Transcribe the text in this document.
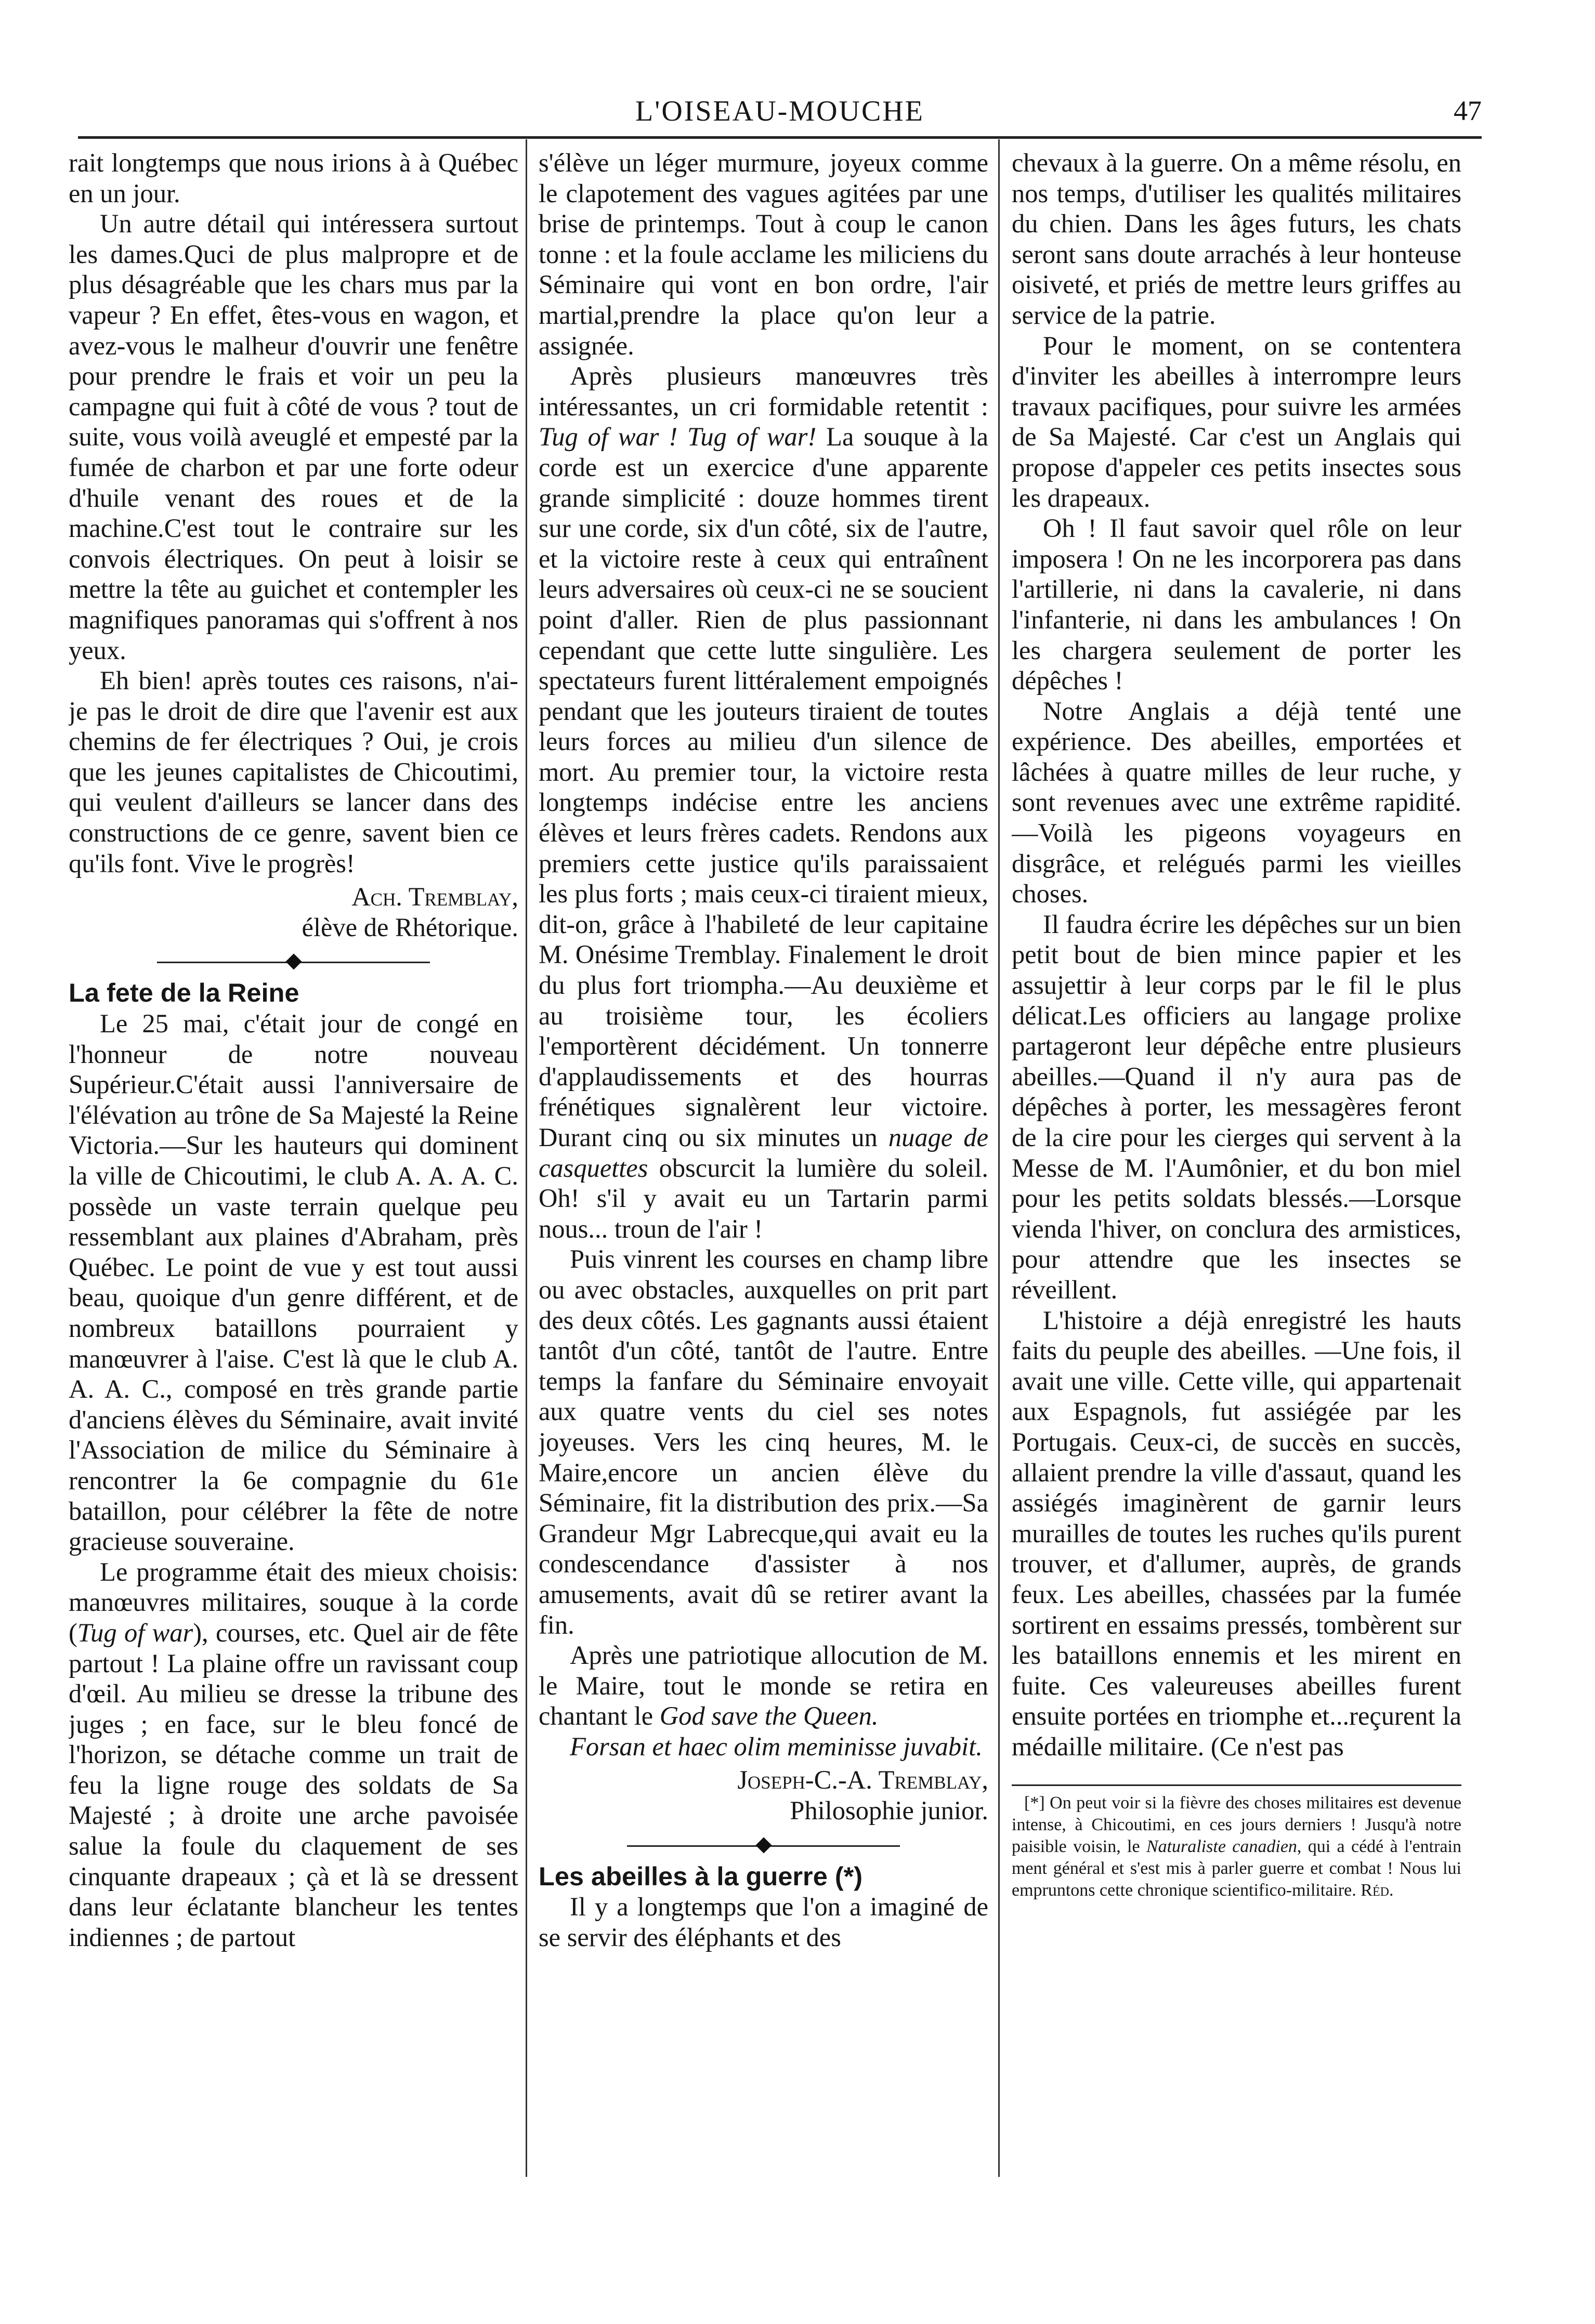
L'OISEAU-MOUCHE	47

rait longtemps que nous irions à à Québec en un jour.

Un autre détail qui intéressera surtout les dames.Quci de plus malpropre et de plus désagréable que les chars mus par la vapeur ? En effet, êtes-vous en wagon, et avez-vous le malheur d'ouvrir une fenêtre pour prendre le frais et voir un peu la campagne qui fuit à côté de vous ? tout de suite, vous voilà aveuglé et empesté par la fumée de charbon et par une forte odeur d'huile venant des roues et de la machine.C'est tout le contraire sur les convois électriques. On peut à loisir se mettre la tête au guichet et contempler les magnifiques panoramas qui s'offrent à nos yeux.

Eh bien! après toutes ces raisons, n'ai-je pas le droit de dire que l'avenir est aux chemins de fer électriques ? Oui, je crois que les jeunes capitalistes de Chicoutimi, qui veulent d'ailleurs se lancer dans des constructions de ce genre, savent bien ce qu'ils font. Vive le progrès!

Ach. Tremblay,

élève de Rhétorique.

La fete de la Reine

Le 25 mai, c'était jour de congé en l'honneur de notre nouveau Supérieur.C'était aussi l'anniversaire de l'élévation au trône de Sa Majesté la Reine Victoria.—Sur les hauteurs qui dominent la ville de Chicoutimi, le club A. A. A. C. possède un vaste terrain quelque peu ressemblant aux plaines d'Abraham, près Québec. Le point de vue y est tout aussi beau, quoique d'un genre différent, et de nombreux bataillons pourraient y manœuvrer à l'aise. C'est là que le club A. A. A. C., composé en très grande partie d'anciens élèves du Séminaire, avait invité l'Association de milice du Séminaire à rencontrer la 6e compagnie du 61e bataillon, pour célébrer la fête de notre gracieuse souveraine.

Le programme était des mieux choisis: manœuvres militaires, souque à la corde (Tug of war), courses, etc. Quel air de fête partout ! La plaine offre un ravissant coup d'œil. Au milieu se dresse la tribune des juges ; en face, sur le bleu foncé de l'horizon, se détache comme un trait de feu la ligne rouge des soldats de Sa Majesté ; à droite une arche pavoisée salue la foule du claquement de ses cinquante drapeaux ; çà et là se dressent dans leur éclatante blancheur les tentes indiennes ; de partout

s'élève un léger murmure, joyeux comme le clapotement des vagues agitées par une brise de printemps. Tout à coup le canon tonne : et la foule acclame les miliciens du Séminaire qui vont en bon ordre, l'air martial,prendre la place qu'on leur a assignée.

Après plusieurs manœuvres très intéressantes, un cri formidable retentit : Tug of war ! Tug of war! La souque à la corde est un exercice d'une apparente grande simplicité : douze hommes tirent sur une corde, six d'un côté, six de l'autre, et la victoire reste à ceux qui entraînent leurs adversaires où ceux-ci ne se soucient point d'aller. Rien de plus passionnant cependant que cette lutte singulière. Les spectateurs furent littéralement empoignés pendant que les jouteurs tiraient de toutes leurs forces au milieu d'un silence de mort. Au premier tour, la victoire resta longtemps indécise entre les anciens élèves et leurs frères cadets. Rendons aux premiers cette justice qu'ils paraissaient les plus forts ; mais ceux-ci tiraient mieux, dit-on, grâce à l'habileté de leur capitaine M. Onésime Tremblay. Finalement le droit du plus fort triompha.—Au deuxième et au troisième tour, les écoliers l'emportèrent décidément. Un tonnerre d'applaudissements et des hourras frénétiques signalèrent leur victoire. Durant cinq ou six minutes un nuage de casquettes obscurcit la lumière du soleil. Oh! s'il y avait eu un Tartarin parmi nous... troun de l'air !

Puis vinrent les courses en champ libre ou avec obstacles, auxquelles on prit part des deux côtés. Les gagnants aussi étaient tantôt d'un côté, tantôt de l'autre. Entre temps la fanfare du Séminaire envoyait aux quatre vents du ciel ses notes joyeuses. Vers les cinq heures, M. le Maire,encore un ancien élève du Séminaire, fit la distribution des prix.—Sa Grandeur Mgr Labrecque,qui avait eu la condescendance d'assister à nos amusements, avait dû se retirer avant la fin.

Après une patriotique allocution de M. le Maire, tout le monde se retira en chantant le God save the Queen.

Forsan et haec olim meminisse juvabit.

Joseph-C.-A. Tremblay,

Philosophie junior.

Les abeilles à la guerre (*)

Il y a longtemps que l'on a imaginé de se servir des éléphants et des

chevaux à la guerre. On a même résolu, en nos temps, d'utiliser les qualités militaires du chien. Dans les âges futurs, les chats seront sans doute arrachés à leur honteuse oisiveté, et priés de mettre leurs griffes au service de la patrie.

Pour le moment, on se contentera d'inviter les abeilles à interrompre leurs travaux pacifiques, pour suivre les armées de Sa Majesté. Car c'est un Anglais qui propose d'appeler ces petits insectes sous les drapeaux.

Oh ! Il faut savoir quel rôle on leur imposera ! On ne les incorporera pas dans l'artillerie, ni dans la cavalerie, ni dans l'infanterie, ni dans les ambulances ! On les chargera seulement de porter les dépêches !

Notre Anglais a déjà tenté une expérience. Des abeilles, emportées et lâchées à quatre milles de leur ruche, y sont revenues avec une extrême rapidité.—Voilà les pigeons voyageurs en disgrâce, et relégués parmi les vieilles choses.

Il faudra écrire les dépêches sur un bien petit bout de bien mince papier et les assujettir à leur corps par le fil le plus délicat.Les officiers au langage prolixe partageront leur dépêche entre plusieurs abeilles.—Quand il n'y aura pas de dépêches à porter, les messagères feront de la cire pour les cierges qui servent à la Messe de M. l'Aumônier, et du bon miel pour les petits soldats blessés.—Lorsque vienda l'hiver, on conclura des armistices, pour attendre que les insectes se réveillent.

L'histoire a déjà enregistré les hauts faits du peuple des abeilles. —Une fois, il avait une ville. Cette ville, qui appartenait aux Espagnols, fut assiégée par les Portugais. Ceux-ci, de succès en succès, allaient prendre la ville d'assaut, quand les assiégés imaginèrent de garnir leurs murailles de toutes les ruches qu'ils purent trouver, et d'allumer, auprès, de grands feux. Les abeilles, chassées par la fumée sortirent en essaims pressés, tombèrent sur les bataillons ennemis et les mirent en fuite. Ces valeureuses abeilles furent ensuite portées en triomphe et...reçurent la médaille militaire. (Ce n'est pas

[*] On peut voir si la fièvre des choses militaires est devenue intense, à Chicoutimi, en ces jours derniers ! Jusqu'à notre paisible voisin, le Naturaliste canadien, qui a cédé à l'entrain ment général et s'est mis à parler guerre et combat ! Nous lui empruntons cette chronique scientifico-militaire. Réd.
